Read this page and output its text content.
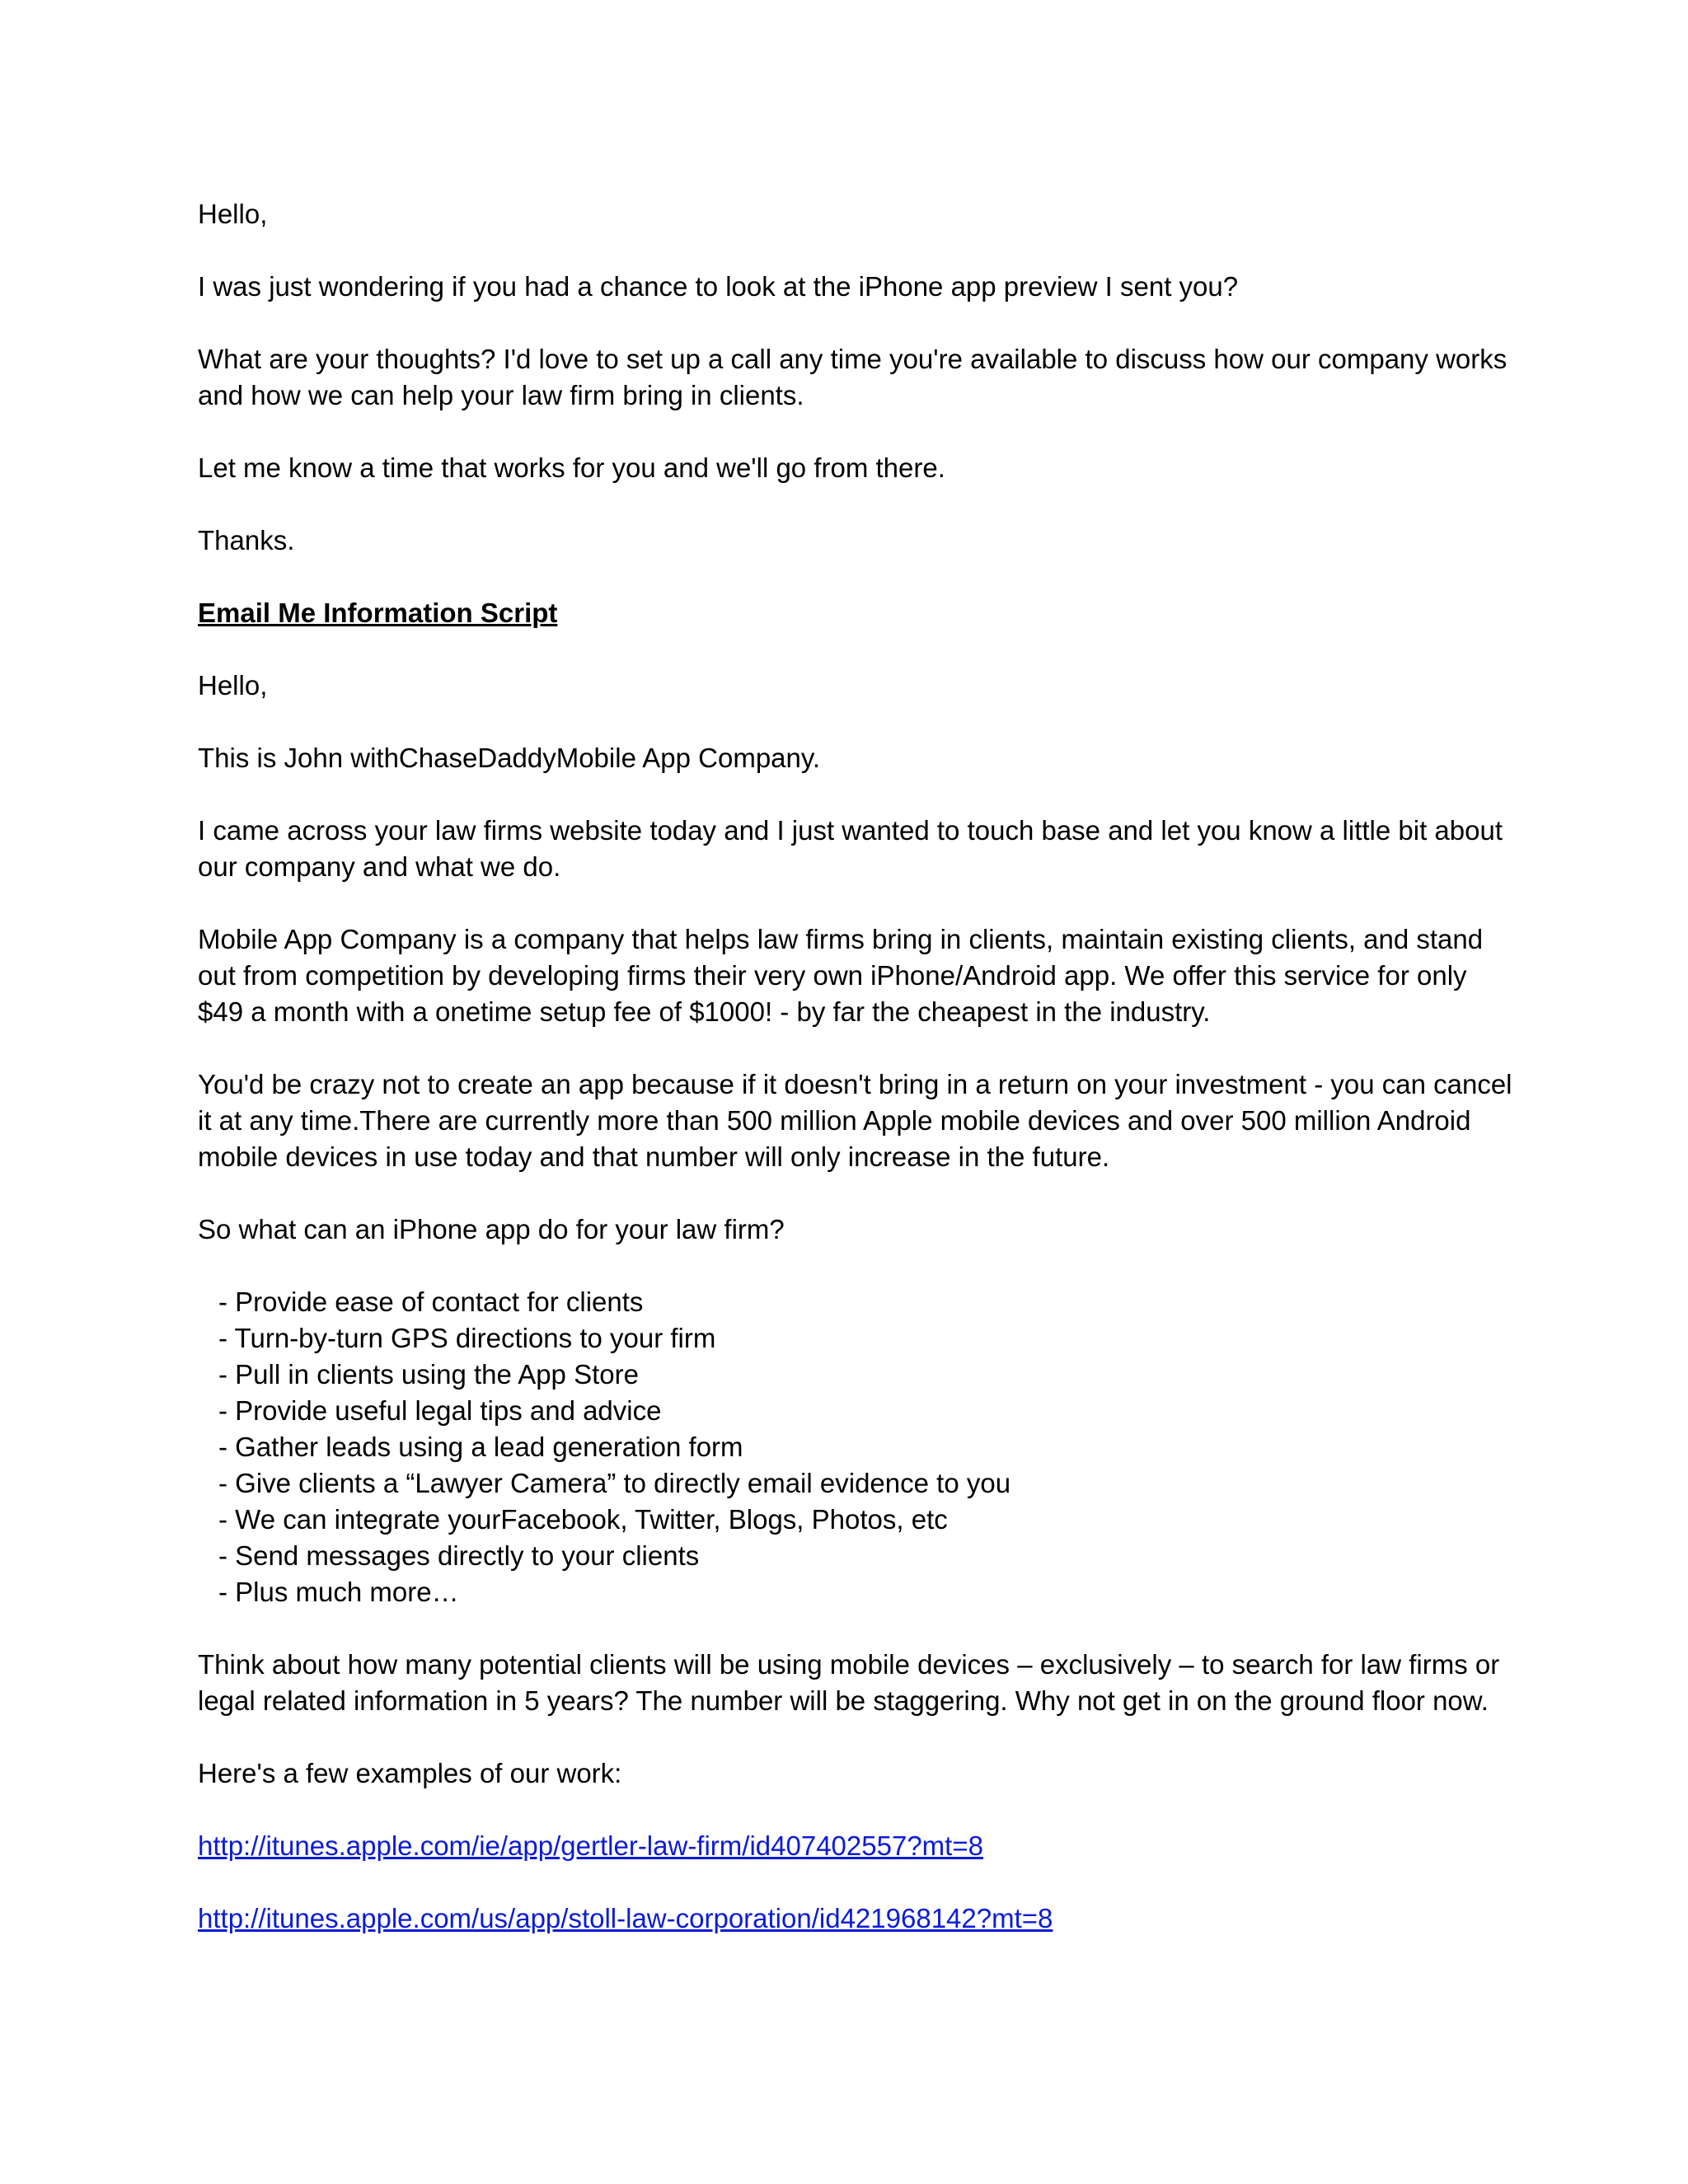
Hello,

I was just wondering if you had a chance to look at the iPhone app preview I sent you?

What are your thoughts? I'd love to set up a call any time you're available to discuss how our company works and how we can help your law firm bring in clients.

Let me know a time that works for you and we'll go from there.

Thanks.

Email Me Information Script

Hello,

This is John withChaseDaddyMobile App Company.

I came across your law firms website today and I just wanted to touch base and let you know a little bit about our company and what we do.

Mobile App Company is a company that helps law firms bring in clients, maintain existing clients, and stand out from competition by developing firms their very own iPhone/Android app. We offer this service for only $49 a month with a onetime setup fee of $1000! - by far the cheapest in the industry.

You'd be crazy not to create an app because if it doesn't bring in a return on your investment - you can cancel it at any time.There are currently more than 500 million Apple mobile devices and over 500 million Android mobile devices in use today and that number will only increase in the future.

So what can an iPhone app do for your law firm?

- Provide ease of contact for clients
- Turn-by-turn GPS directions to your firm
- Pull in clients using the App Store
- Provide useful legal tips and advice
- Gather leads using a lead generation form
- Give clients a “Lawyer Camera” to directly email evidence to you
- We can integrate yourFacebook, Twitter, Blogs, Photos, etc
- Send messages directly to your clients
- Plus much more…

Think about how many potential clients will be using mobile devices – exclusively – to search for law firms or legal related information in 5 years? The number will be staggering. Why not get in on the ground floor now.

Here's a few examples of our work:

http://itunes.apple.com/ie/app/gertler-law-firm/id407402557?mt=8
http://itunes.apple.com/us/app/stoll-law-corporation/id421968142?mt=8
